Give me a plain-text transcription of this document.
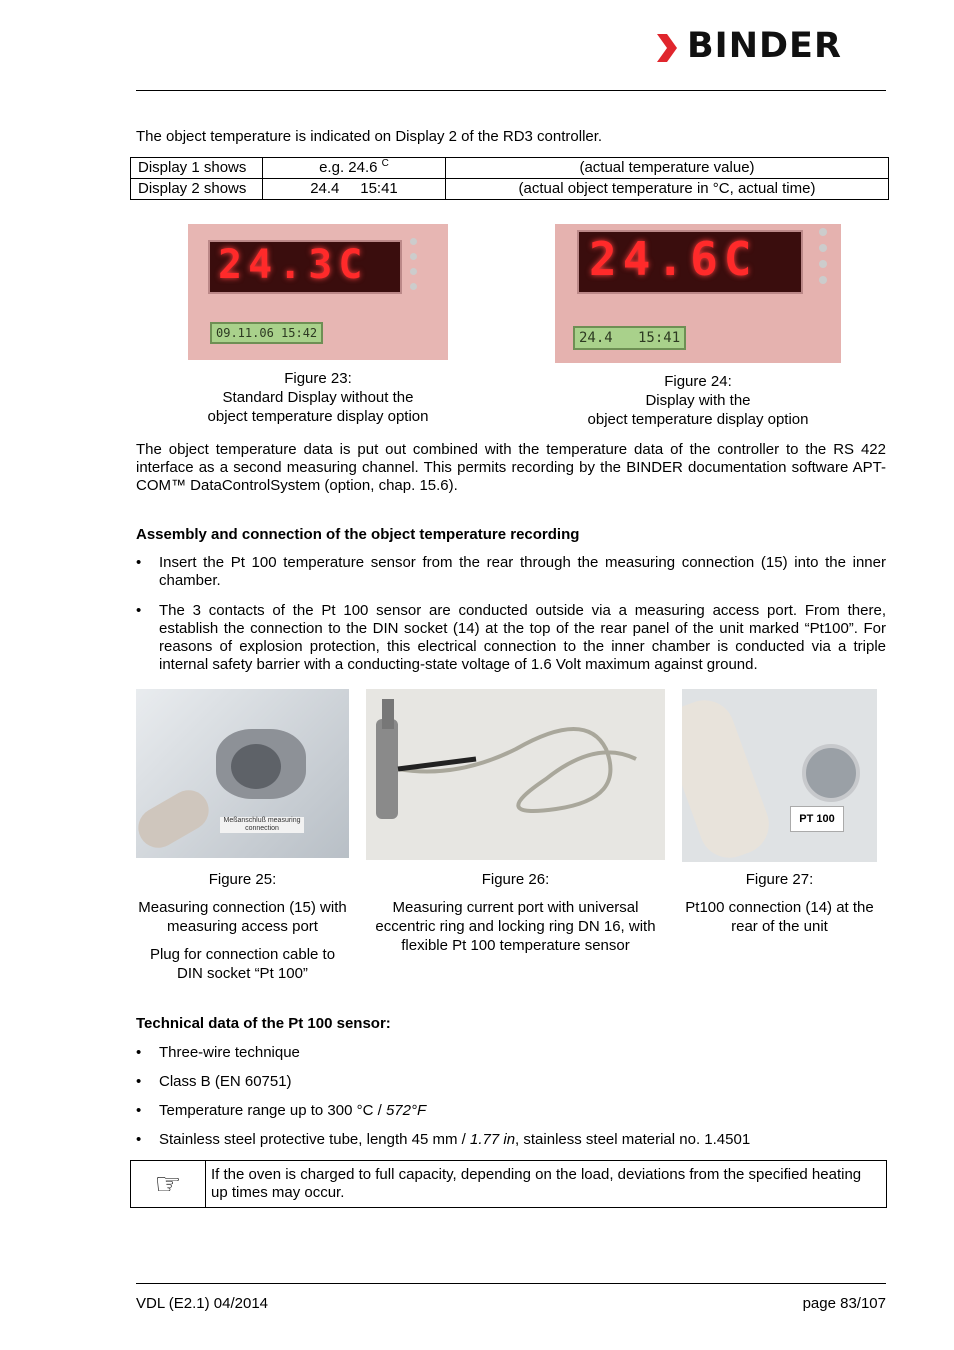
BINDER
The object temperature is indicated on Display 2 of the RD3 controller.
Display 1 shows	e.g. 24.6 $^C$	(actual temperature value)
Display 2 shows	24.4     15:41	(actual object temperature in °C, actual time)
24.3C
09.11.06 15:42
24.6C
24.4   15:41
Figure 23:
Standard Display without the
object temperature display option
Figure 24:
Display with the
object temperature display option
The object temperature data is put out combined with the temperature data of the controller to the RS 422 interface as a second measuring channel. This permits recording by the BINDER documentation software APT-COM™ DataControlSystem (option, chap. 15.6).
Assembly and connection of the object temperature recording
• Insert the Pt 100 temperature sensor from the rear through the measuring connection (15) into the inner chamber.
• The 3 contacts of the Pt 100 sensor are conducted outside via a measuring access port. From there, establish the connection to the DIN socket (14) at the top of the rear panel of the unit marked “Pt100”. For reasons of explosion protection, this electrical connection to the inner chamber is conducted via a triple internal safety barrier with a conducting-state voltage of 1.6 Volt maximum against ground.
Meßanschluß measuring connection
PT 100
Figure 25:
Measuring connection (15) with measuring access port
Plug for connection cable to DIN socket “Pt 100”
Figure 26:
Measuring current port with universal eccentric ring and locking ring DN 16, with flexible Pt 100 temperature sensor
Figure 27:
Pt100 connection (14) at the rear of the unit
Technical data of the Pt 100 sensor:
• Three-wire technique
• Class B (EN 60751)
• Temperature range up to 300 °C / 572°F
• Stainless steel protective tube, length 45 mm / 1.77 in, stainless steel material no. 1.4501
☞	If the oven is charged to full capacity, depending on the load, deviations from the specified heating up times may occur.
VDL (E2.1) 04/2014	page 83/107
